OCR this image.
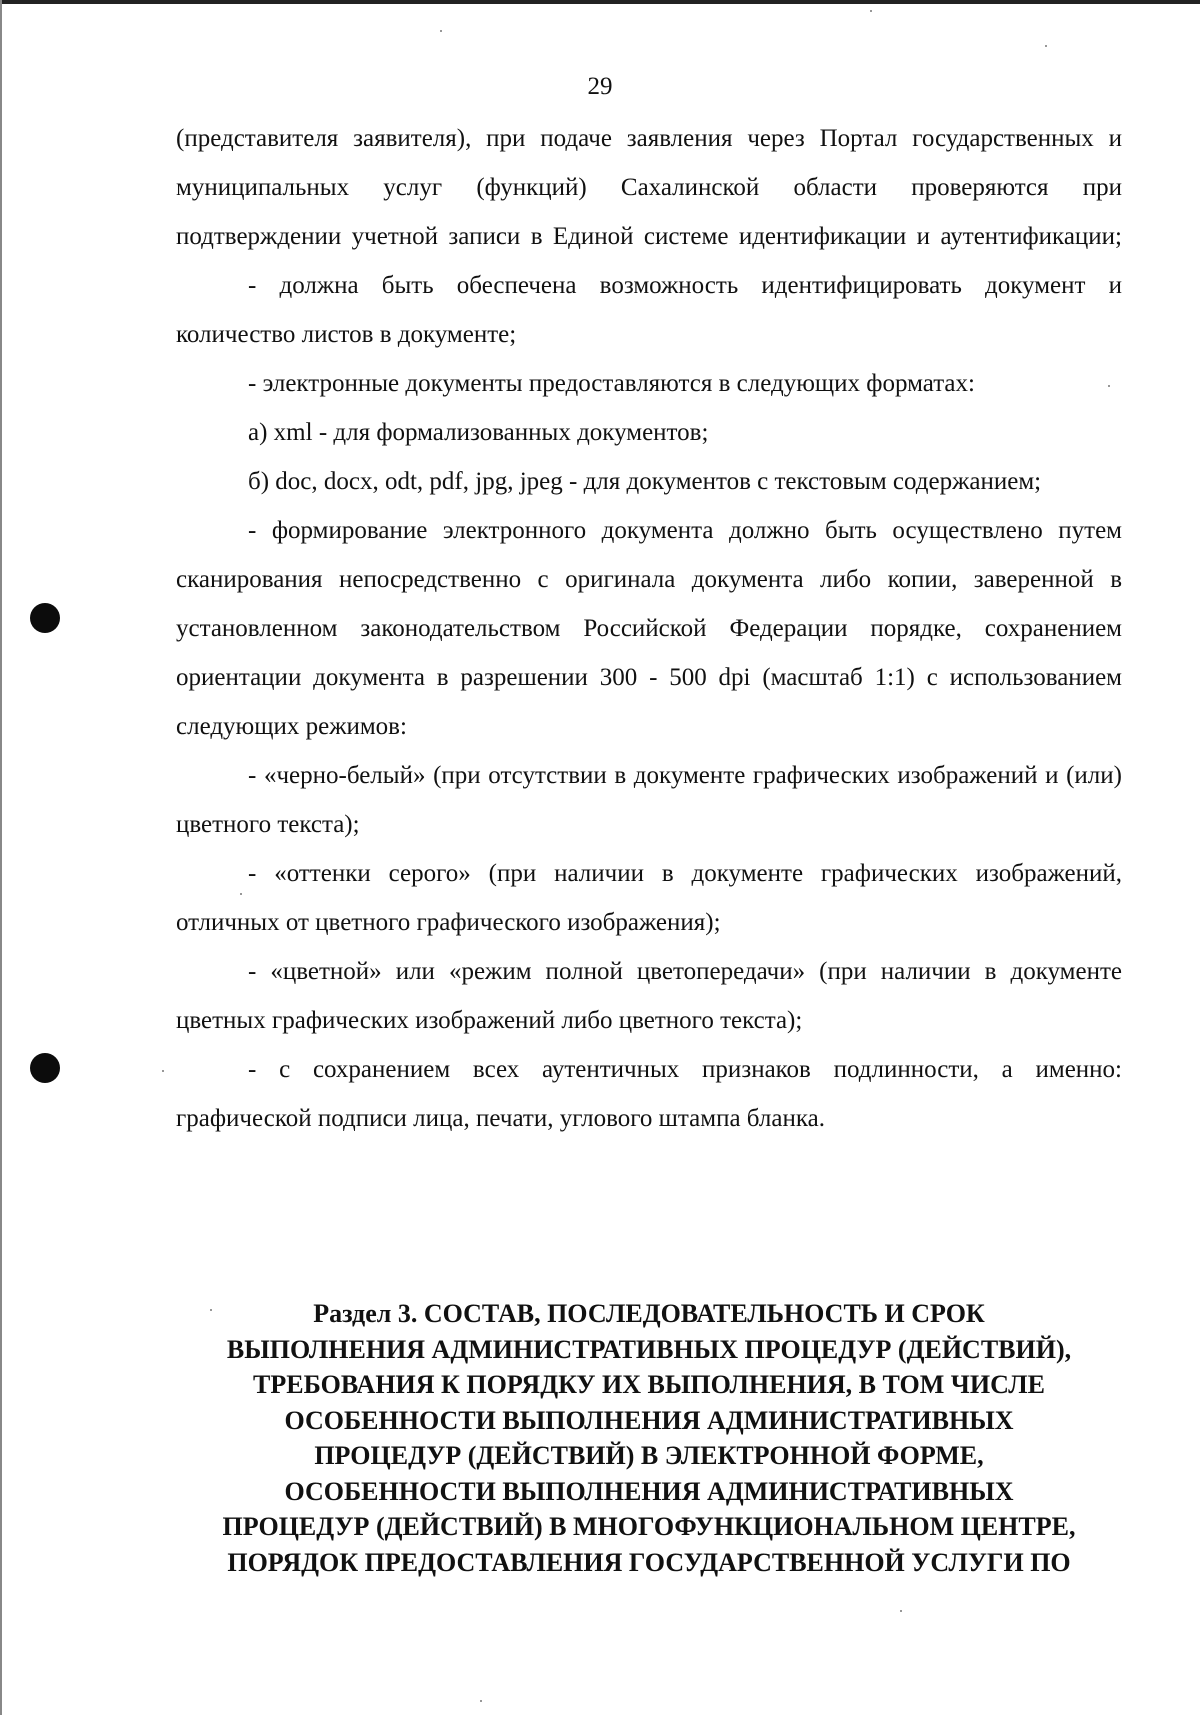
29

(представителя заявителя), при подаче заявления через Портал государственных и муниципальных услуг (функций) Сахалинской области проверяются при подтверждении учетной записи в Единой системе идентификации и аутентификации;

- должна быть обеспечена возможность идентифицировать документ и количество листов в документе;

- электронные документы предоставляются в следующих форматах:

а) xml - для формализованных документов;

б) doc, docx, odt, pdf, jpg, jpeg - для документов с текстовым содержанием;

- формирование электронного документа должно быть осуществлено путем сканирования непосредственно с оригинала документа либо копии, заверенной в установленном законодательством Российской Федерации порядке, сохранением ориентации документа в разрешении 300 - 500 dpi (масштаб 1:1) с использованием следующих режимов:

- «черно-белый» (при отсутствии в документе графических изображений и (или) цветного текста);

- «оттенки серого» (при наличии в документе графических изображений, отличных от цветного графического изображения);

- «цветной» или «режим полной цветопередачи» (при наличии в документе цветных графических изображений либо цветного текста);

- с сохранением всех аутентичных признаков подлинности, а именно: графической подписи лица, печати, углового штампа бланка.

Раздел 3. СОСТАВ, ПОСЛЕДОВАТЕЛЬНОСТЬ И СРОК
ВЫПОЛНЕНИЯ АДМИНИСТРАТИВНЫХ ПРОЦЕДУР (ДЕЙСТВИЙ),
ТРЕБОВАНИЯ К ПОРЯДКУ ИХ ВЫПОЛНЕНИЯ, В ТОМ ЧИСЛЕ
ОСОБЕННОСТИ ВЫПОЛНЕНИЯ АДМИНИСТРАТИВНЫХ
ПРОЦЕДУР (ДЕЙСТВИЙ) В ЭЛЕКТРОННОЙ ФОРМЕ,
ОСОБЕННОСТИ ВЫПОЛНЕНИЯ АДМИНИСТРАТИВНЫХ
ПРОЦЕДУР (ДЕЙСТВИЙ) В МНОГОФУНКЦИОНАЛЬНОМ ЦЕНТРЕ,
ПОРЯДОК ПРЕДОСТАВЛЕНИЯ ГОСУДАРСТВЕННОЙ УСЛУГИ ПО
